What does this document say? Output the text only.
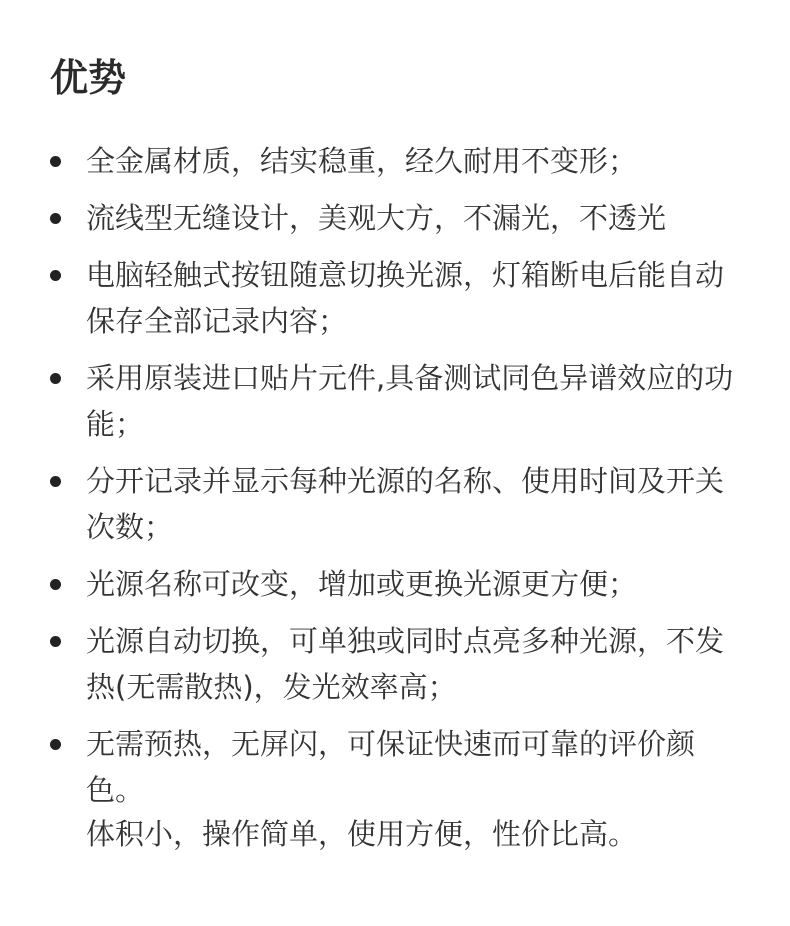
优势
全金属材质，结实稳重，经久耐用不变形；
流线型无缝设计，美观大方，不漏光，不透光
电脑轻触式按钮随意切换光源，灯箱断电后能自动保存全部记录内容；
采用原装进口贴片元件,具备测试同色异谱效应的功能；
分开记录并显示每种光源的名称、使用时间及开关次数；
光源名称可改变，增加或更换光源更方便；
光源自动切换，可单独或同时点亮多种光源，不发热(无需散热)，发光效率高；
无需预热，无屏闪，可保证快速而可靠的评价颜色。

体积小，操作简单，使用方便，性价比高。
